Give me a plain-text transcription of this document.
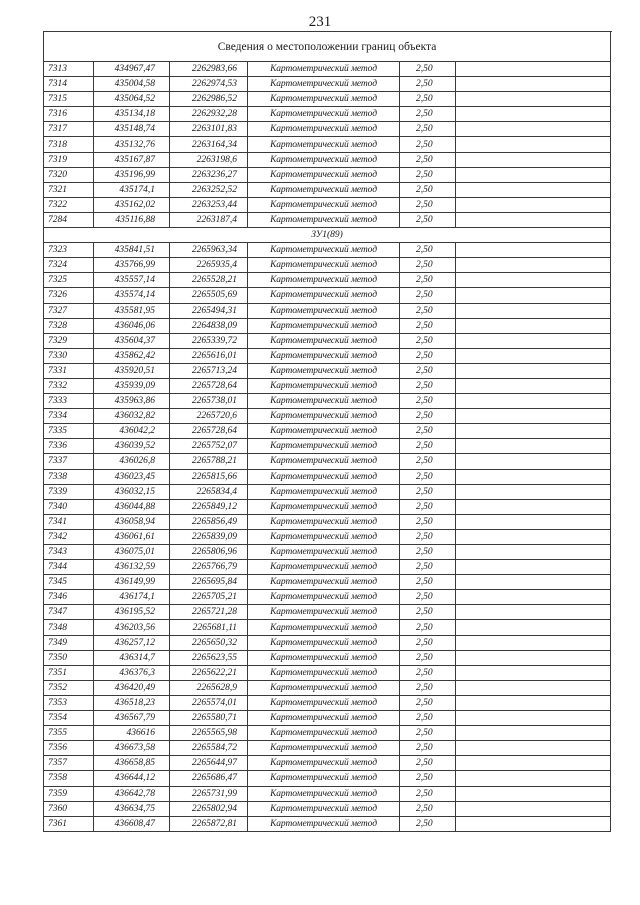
231
Сведения о местоположении границ объекта						
7313	434967,47	2262983,66	Картометрический метод	2,50		
7314	435004,58	2262974,53	Картометрический метод	2,50		
7315	435064,52	2262986,52	Картометрический метод	2,50		
7316	435134,18	2262932,28	Картометрический метод	2,50		
7317	435148,74	2263101,83	Картометрический метод	2,50		
7318	435132,76	2263164,34	Картометрический метод	2,50		
7319	435167,87	2263198,6	Картометрический метод	2,50		
7320	435196,99	2263236,27	Картометрический метод	2,50		
7321	435174,1	2263252,52	Картометрический метод	2,50		
7322	435162,02	2263253,44	Картометрический метод	2,50		
7284	435116,88	2263187,4	Картометрический метод	2,50		
ЗУ1(89)						
7323	435841,51	2265963,34	Картометрический метод	2,50		
7324	435766,99	2265935,4	Картометрический метод	2,50		
7325	435557,14	2265528,21	Картометрический метод	2,50		
7326	435574,14	2265505,69	Картометрический метод	2,50		
7327	435581,95	2265494,31	Картометрический метод	2,50		
7328	436046,06	2264838,09	Картометрический метод	2,50		
7329	435604,37	2265339,72	Картометрический метод	2,50		
7330	435862,42	2265616,01	Картометрический метод	2,50		
7331	435920,51	2265713,24	Картометрический метод	2,50		
7332	435939,09	2265728,64	Картометрический метод	2,50		
7333	435963,86	2265738,01	Картометрический метод	2,50		
7334	436032,82	2265720,6	Картометрический метод	2,50		
7335	436042,2	2265728,64	Картометрический метод	2,50		
7336	436039,52	2265752,07	Картометрический метод	2,50		
7337	436026,8	2265788,21	Картометрический метод	2,50		
7338	436023,45	2265815,66	Картометрический метод	2,50		
7339	436032,15	2265834,4	Картометрический метод	2,50		
7340	436044,88	2265849,12	Картометрический метод	2,50		
7341	436058,94	2265856,49	Картометрический метод	2,50		
7342	436061,61	2265839,09	Картометрический метод	2,50		
7343	436075,01	2265806,96	Картометрический метод	2,50		
7344	436132,59	2265766,79	Картометрический метод	2,50		
7345	436149,99	2265695,84	Картометрический метод	2,50		
7346	436174,1	2265705,21	Картометрический метод	2,50		
7347	436195,52	2265721,28	Картометрический метод	2,50		
7348	436203,56	2265681,11	Картометрический метод	2,50		
7349	436257,12	2265650,32	Картометрический метод	2,50		
7350	436314,7	2265623,55	Картометрический метод	2,50		
7351	436376,3	2265622,21	Картометрический метод	2,50		
7352	436420,49	2265628,9	Картометрический метод	2,50		
7353	436518,23	2265574,01	Картометрический метод	2,50		
7354	436567,79	2265580,71	Картометрический метод	2,50		
7355	436616	2265565,98	Картометрический метод	2,50		
7356	436673,58	2265584,72	Картометрический метод	2,50		
7357	436658,85	2265644,97	Картометрический метод	2,50		
7358	436644,12	2265686,47	Картометрический метод	2,50		
7359	436642,78	2265731,99	Картометрический метод	2,50		
7360	436634,75	2265802,94	Картометрический метод	2,50		
7361	436608,47	2265872,81	Картометрический метод	2,50		
